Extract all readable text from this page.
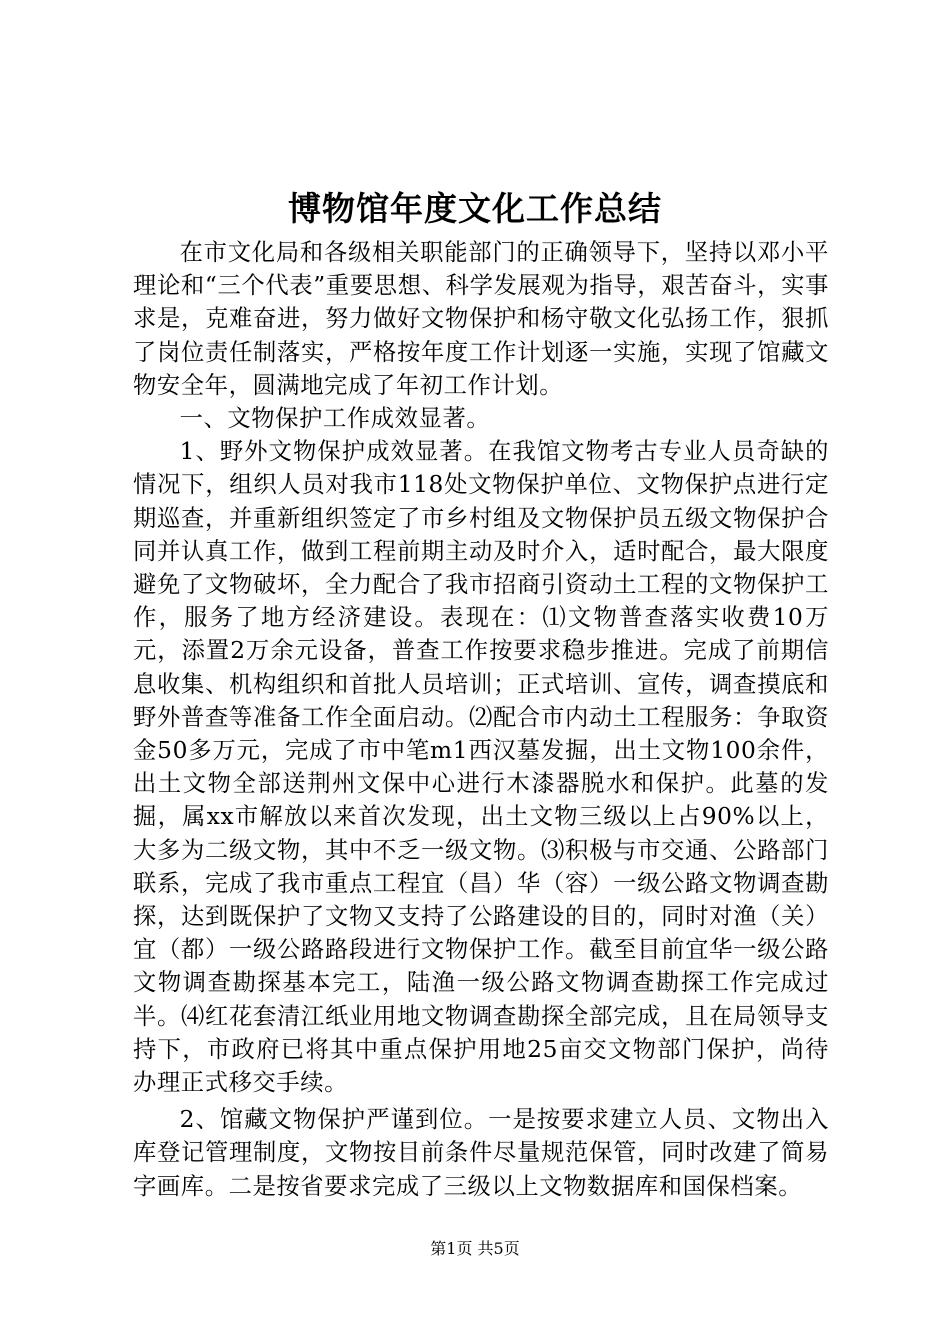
博物馆年度文化工作总结

在市文化局和各级相关职能部门的正确领导下，坚持以邓小平理论和“三个代表”重要思想、科学发展观为指导，艰苦奋斗，实事求是，克难奋进，努力做好文物保护和杨守敬文化弘扬工作，狠抓了岗位责任制落实，严格按年度工作计划逐一实施，实现了馆藏文物安全年，圆满地完成了年初工作计划。

一、文物保护工作成效显著。

1、野外文物保护成效显著。在我馆文物考古专业人员奇缺的情况下，组织人员对我市118处文物保护单位、文物保护点进行定期巡查，并重新组织签定了市乡村组及文物保护员五级文物保护合同并认真工作，做到工程前期主动及时介入，适时配合，最大限度避免了文物破坏，全力配合了我市招商引资动土工程的文物保护工作，服务了地方经济建设。表现在：⑴文物普查落实收费10万元，添置2万余元设备，普查工作按要求稳步推进。完成了前期信息收集、机构组织和首批人员培训；正式培训、宣传，调查摸底和野外普查等准备工作全面启动。⑵配合市内动土工程服务：争取资金50多万元，完成了市中笔m1西汉墓发掘，出土文物100余件，出土文物全部送荆州文保中心进行木漆器脱水和保护。此墓的发掘，属xx市解放以来首次发现，出土文物三级以上占90%以上，大多为二级文物，其中不乏一级文物。⑶积极与市交通、公路部门联系，完成了我市重点工程宜（昌）华（容）一级公路文物调查勘探，达到既保护了文物又支持了公路建设的目的，同时对渔（关）宜（都）一级公路路段进行文物保护工作。截至目前宜华一级公路文物调查勘探基本完工，陆渔一级公路文物调查勘探工作完成过半。⑷红花套清江纸业用地文物调查勘探全部完成，且在局领导支持下，市政府已将其中重点保护用地25亩交文物部门保护，尚待办理正式移交手续。

2、馆藏文物保护严谨到位。一是按要求建立人员、文物出入库登记管理制度，文物按目前条件尽量规范保管，同时改建了简易字画库。二是按省要求完成了三级以上文物数据库和国保档案。

第1页 共5页
